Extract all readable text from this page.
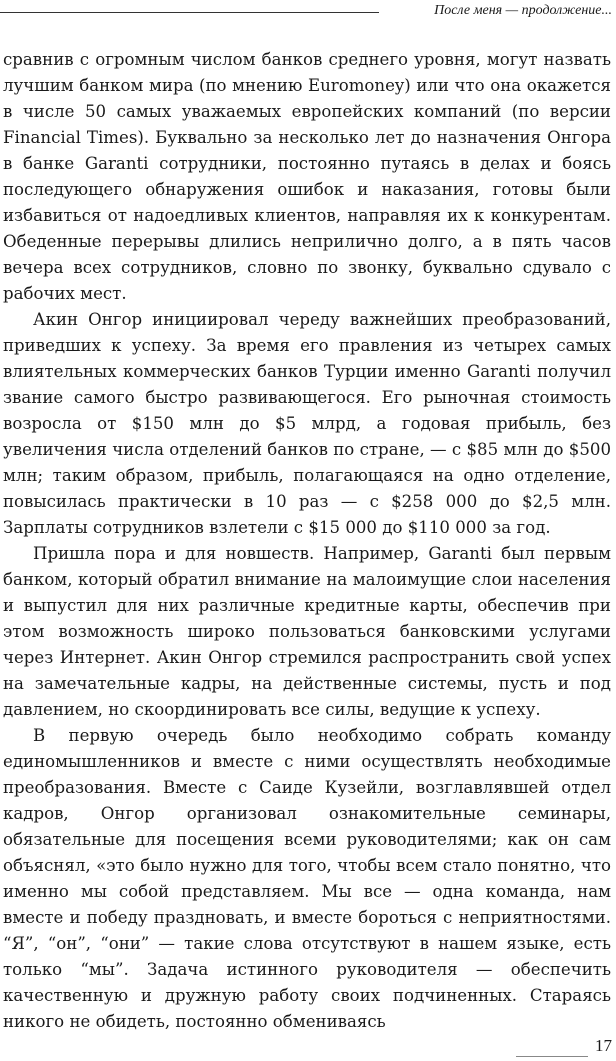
После меня — продолжение...

сравнив с огромным числом банков среднего уровня, могут назвать лучшим банком мира (по мнению Euromoney) или что она окажется в числе 50 самых уважаемых европейских компаний (по версии Financial Times). Буквально за несколько лет до назначения Онгора в банке Garanti сотрудники, постоянно путаясь в делах и боясь последующего обнаружения ошибок и наказания, готовы были избавиться от надоедливых клиентов, направляя их к конкурентам. Обеденные перерывы длились неприлично долго, а в пять часов вечера всех сотрудников, словно по звонку, буквально сдувало с рабочих мест.

Акин Онгор инициировал череду важнейших преобразований, приведших к успеху. За время его правления из четырех самых влиятельных коммерческих банков Турции именно Garanti получил звание самого быстро развивающегося. Его рыночная стоимость возросла от $150 млн до $5 млрд, а годовая прибыль, без увеличения числа отделений банков по стране, — с $85 млн до $500 млн; таким образом, прибыль, полагающаяся на одно отделение, повысилась практически в 10 раз — с $258 000 до $2,5 млн. Зарплаты сотрудников взлетели с $15 000 до $110 000 за год.

Пришла пора и для новшеств. Например, Garanti был первым банком, который обратил внимание на малоимущие слои населения и выпустил для них различные кредитные карты, обеспечив при этом возможность широко пользоваться банковскими услугами через Интернет. Акин Онгор стремился распространить свой успех на замечательные кадры, на действенные системы, пусть и под давлением, но скоординировать все силы, ведущие к успеху.

В первую очередь было необходимо собрать команду единомышленников и вместе с ними осуществлять необходимые преобразования. Вместе с Саиде Кузейли, возглавлявшей отдел кадров, Онгор организовал ознакомительные семинары, обязательные для посещения всеми руководителями; как он сам объяснял, «это было нужно для того, чтобы всем стало понятно, что именно мы собой представляем. Мы все — одна команда, нам вместе и победу праздновать, и вместе бороться с неприятностями. “Я”, “он”, “они” — такие слова отсутствуют в нашем языке, есть только “мы”. Задача истинного руководителя — обеспечить качественную и дружную работу своих подчиненных. Стараясь никого не обидеть, постоянно обмениваясь

17
